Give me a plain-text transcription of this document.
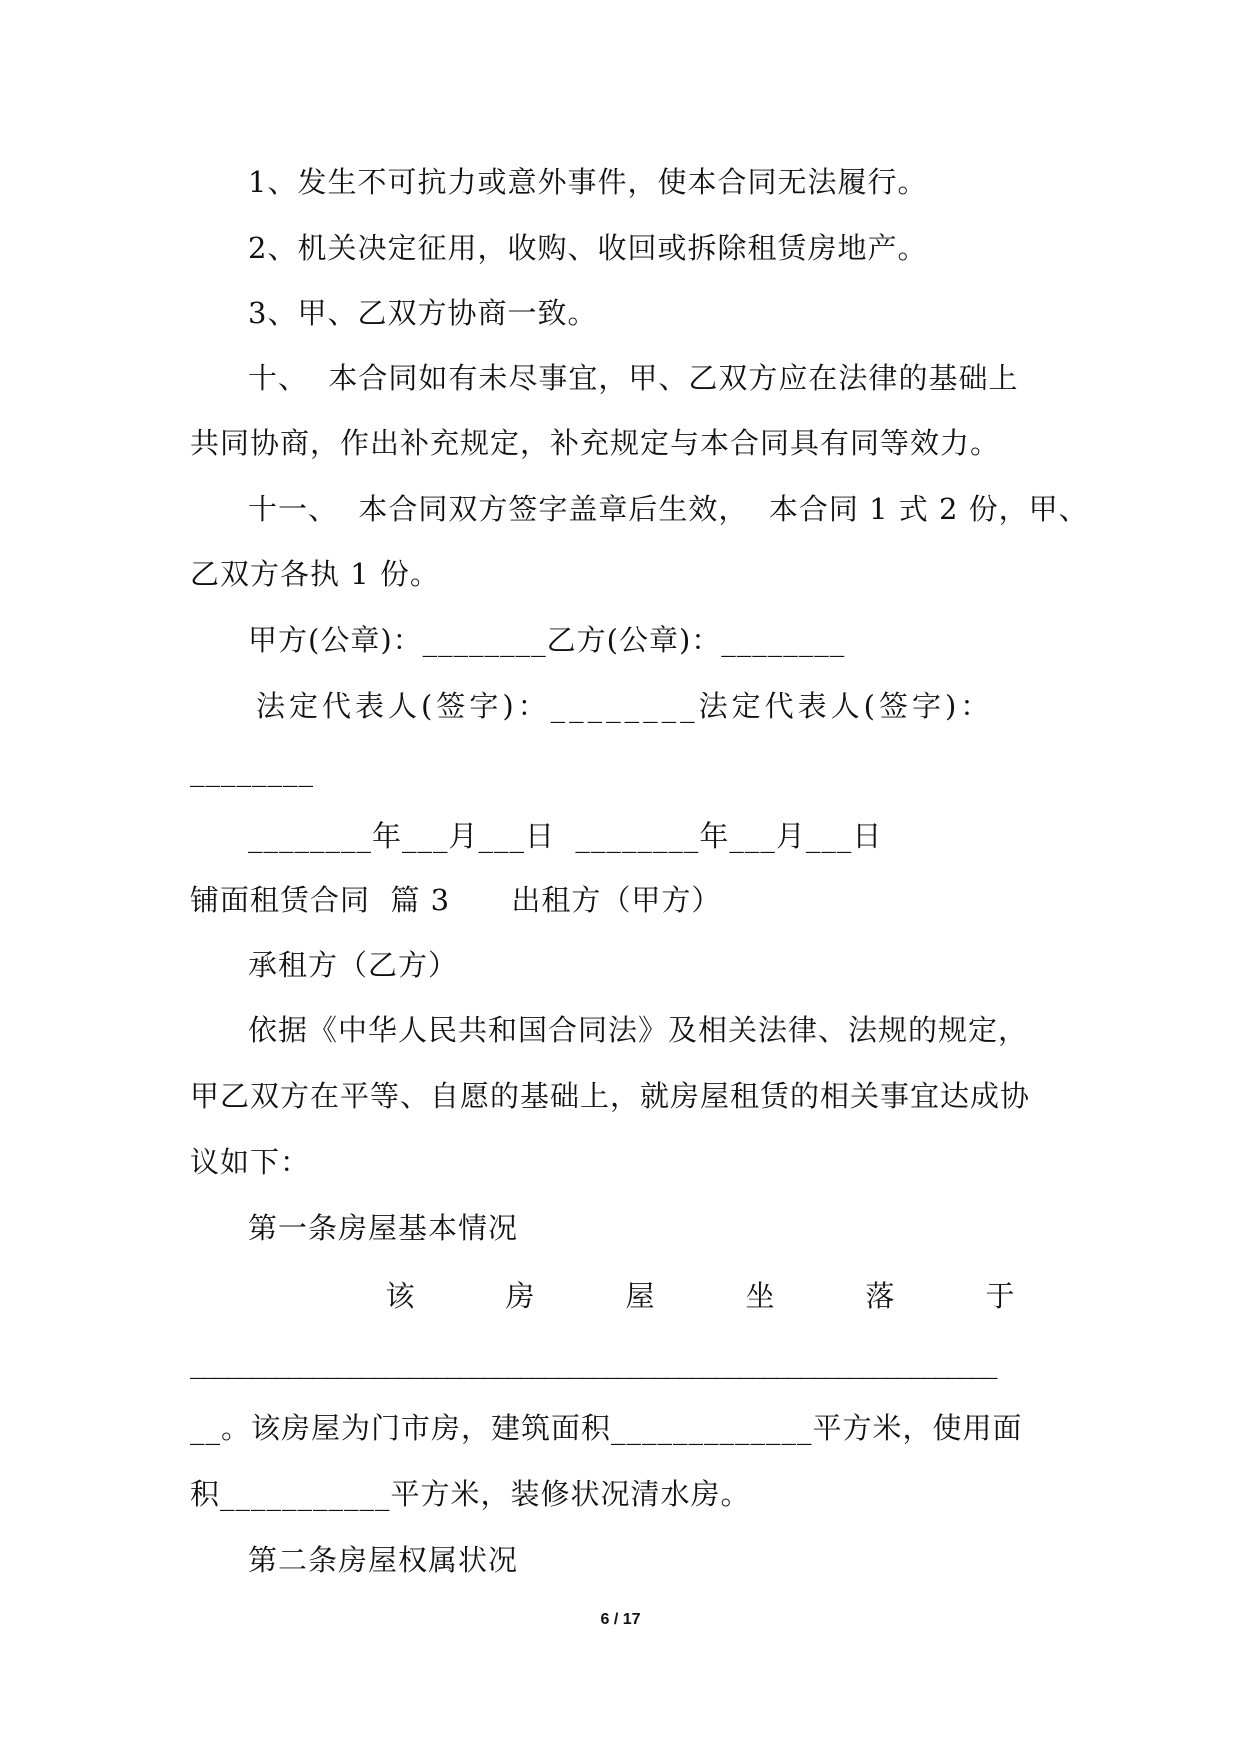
1、发生不可抗力或意外事件，使本合同无法履行。
2、机关决定征用，收购、收回或拆除租赁房地产。
3、甲、乙双方协商一致。
十、  本合同如有未尽事宜，甲、乙双方应在法律的基础上
共同协商，作出补充规定，补充规定与本合同具有同等效力。
十一、  本合同双方签字盖章后生效，  本合同 1 式 2 份，甲、
乙双方各执 1 份。
甲方(公章)：________乙方(公章)：________
法定代表人(签字)：________法定代表人(签字)：
________
________年___月___日  ________年___月___日
铺面租赁合同  篇 3      出租方（甲方）
承租方（乙方）
依据《中华人民共和国合同法》及相关法律、法规的规定，
甲乙双方在平等、自愿的基础上，就房屋租赁的相关事宜达成协
议如下：
第一条房屋基本情况
该	房	屋	坐	落	于
__________________________________________________________________
__。该房屋为门市房，建筑面积_____________平方米，使用面
积___________平方米，装修状况清水房。
第二条房屋权属状况
6 / 17
